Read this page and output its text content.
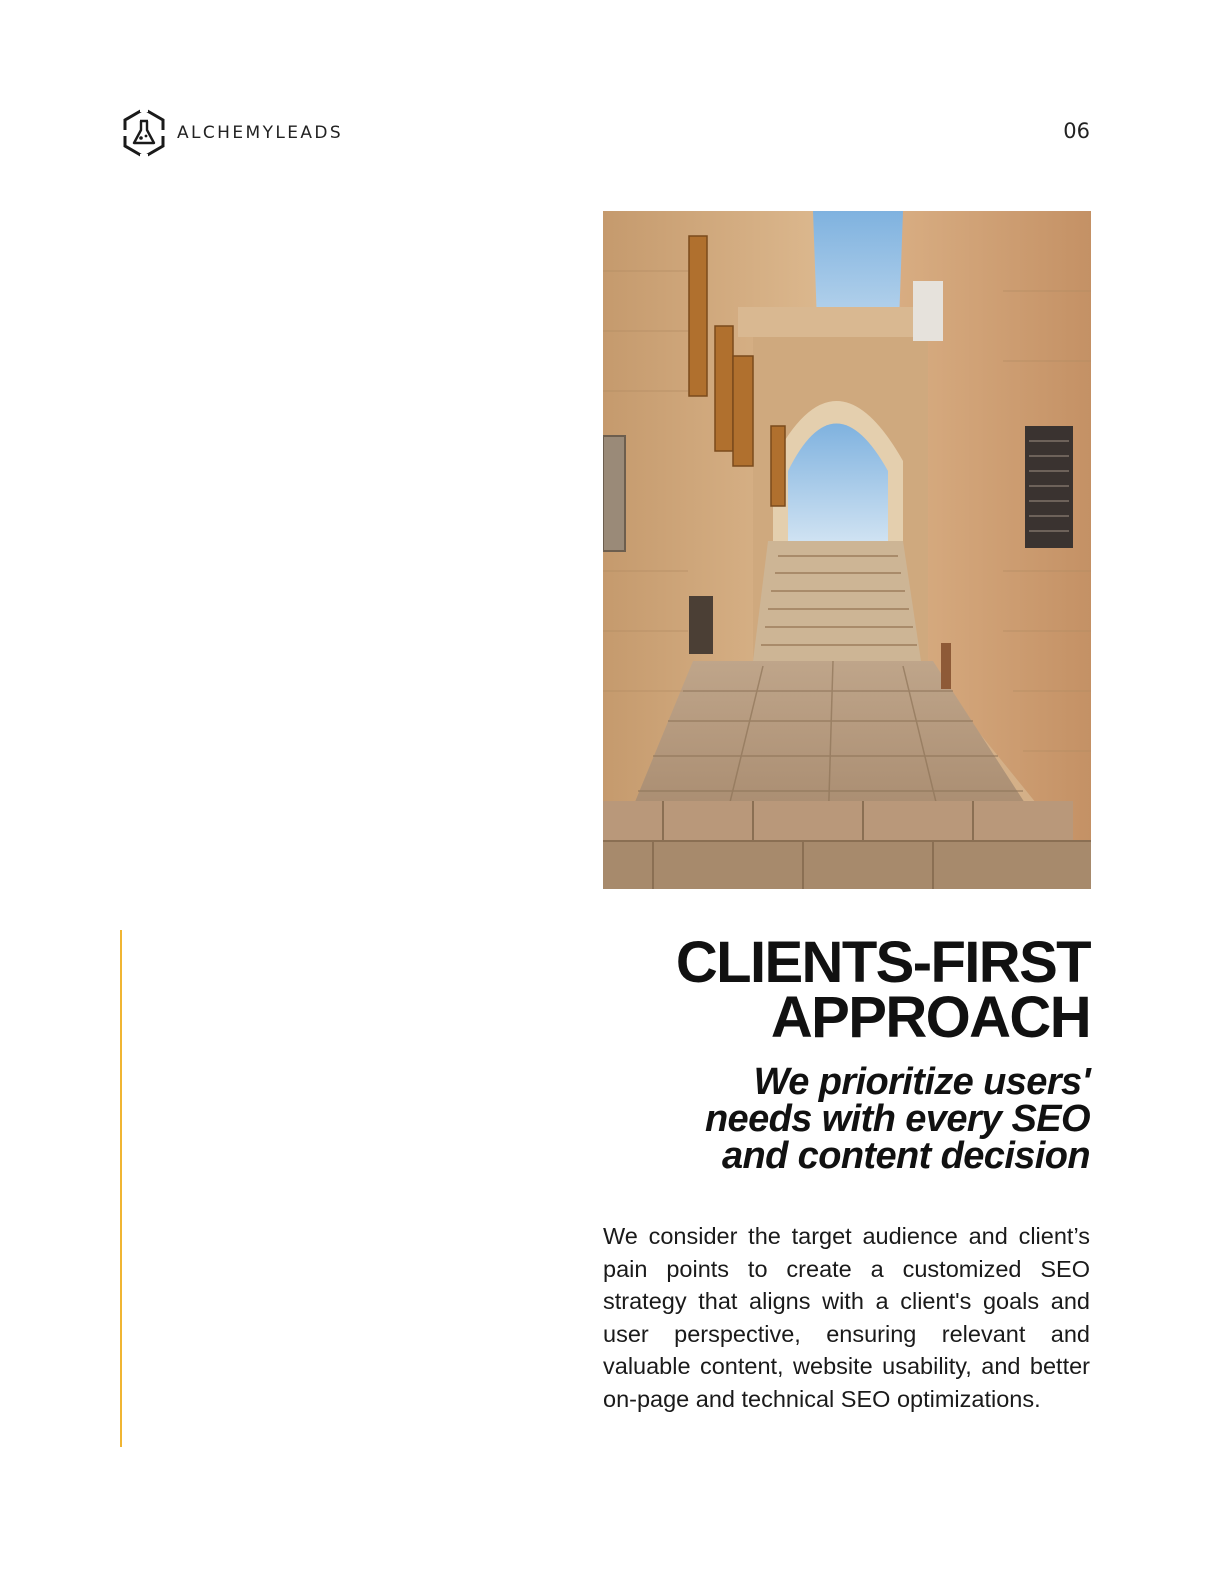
ALCHEMYLEADS	06
CLIENTS-FIRST
APPROACH
We prioritize users'
needs with every SEO
and content decision

We consider the target audience and client’s pain points to create a customized SEO strategy that aligns with a client's goals and user perspective, ensuring relevant and valuable content, website usability, and better on-page and technical SEO optimizations.
